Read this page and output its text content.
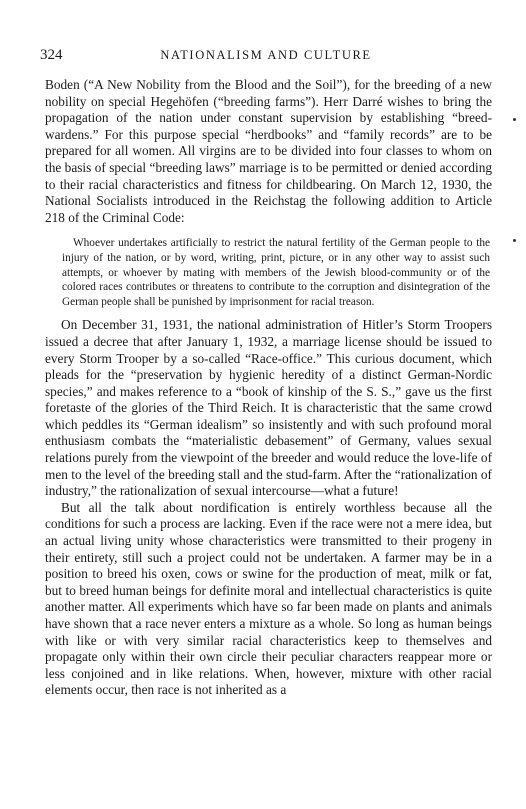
324	NATIONALISM AND CULTURE

Boden (“A New Nobility from the Blood and the Soil”), for the breeding of a new nobility on special Hegehöfen (“breeding farms”). Herr Darré wishes to bring the propagation of the nation under constant supervision by establishing “breed-wardens.” For this purpose special “herdbooks” and “family records” are to be prepared for all women. All virgins are to be divided into four classes to whom on the basis of special “breeding laws” marriage is to be permitted or denied according to their racial characteristics and fitness for childbearing. On March 12, 1930, the National Socialists introduced in the Reichstag the following addition to Article 218 of the Criminal Code:

Whoever undertakes artificially to restrict the natural fertility of the German people to the injury of the nation, or by word, writing, print, picture, or in any other way to assist such attempts, or whoever by mating with members of the Jewish blood-community or of the colored races contributes or threatens to contribute to the corruption and disintegration of the German people shall be punished by imprisonment for racial treason.

On December 31, 1931, the national administration of Hitler’s Storm Troopers issued a decree that after January 1, 1932, a marriage license should be issued to every Storm Trooper by a so-called “Race-office.” This curious document, which pleads for the “preservation by hygienic heredity of a distinct German-Nordic species,” and makes reference to a “book of kinship of the S. S.,” gave us the first foretaste of the glories of the Third Reich. It is characteristic that the same crowd which peddles its “German idealism” so insistently and with such profound moral enthusiasm combats the “materialistic debasement” of Germany, values sexual relations purely from the viewpoint of the breeder and would reduce the love-life of men to the level of the breeding stall and the stud-farm. After the “rationalization of industry,” the rationalization of sexual intercourse—what a future!

But all the talk about nordification is entirely worthless because all the conditions for such a process are lacking. Even if the race were not a mere idea, but an actual living unity whose characteristics were transmitted to their progeny in their entirety, still such a project could not be undertaken. A farmer may be in a position to breed his oxen, cows or swine for the production of meat, milk or fat, but to breed human beings for definite moral and intellectual characteristics is quite another matter. All experiments which have so far been made on plants and animals have shown that a race never enters a mixture as a whole. So long as human beings with like or with very similar racial characteristics keep to themselves and propagate only within their own circle their peculiar characters reappear more or less conjoined and in like relations. When, however, mixture with other racial elements occur, then race is not inherited as a
